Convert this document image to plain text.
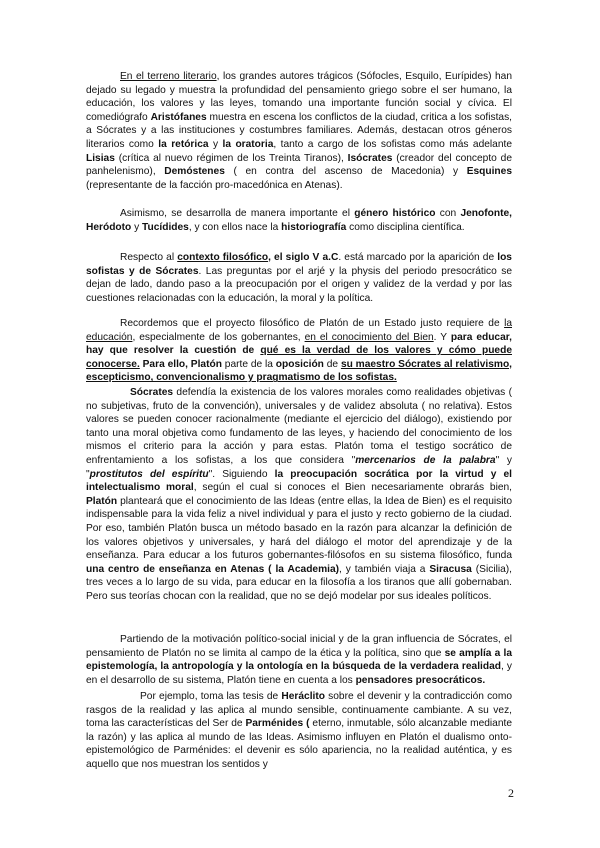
En el terreno literario, los grandes autores trágicos (Sófocles, Esquilo, Eurípides) han dejado su legado y muestra la profundidad del pensamiento griego sobre el ser humano, la educación, los valores y las leyes, tomando una importante función social y cívica. El comediógrafo Aristófanes muestra en escena los conflictos de la ciudad, critica a los sofistas, a Sócrates y a las instituciones y costumbres familiares. Además, destacan otros géneros literarios como la retórica y la oratoria, tanto a cargo de los sofistas como más adelante Lisias (crítica al nuevo régimen de los Treinta Tiranos), Isócrates (creador del concepto de panhelenismo), Demóstenes ( en contra del ascenso de Macedonia) y Esquines (representante de la facción pro-macedónica en Atenas).

Asimismo, se desarrolla de manera importante el género histórico con Jenofonte, Heródoto y Tucídides, y con ellos nace la historiografía como disciplina científica.

Respecto al contexto filosófico, el siglo V a.C. está marcado por la aparición de los sofistas y de Sócrates. Las preguntas por el arjé y la physis del periodo presocrático se dejan de lado, dando paso a la preocupación por el origen y validez de la verdad y por las cuestiones relacionadas con la educación, la moral y la política.

Recordemos que el proyecto filosófico de Platón de un Estado justo requiere de la educación, especialmente de los gobernantes, en el conocimiento del Bien. Y para educar, hay que resolver la cuestión de qué es la verdad de los valores y cómo puede conocerse. Para ello, Platón parte de la oposición de su maestro Sócrates al relativismo, escepticismo, convencionalismo y pragmatismo de los sofistas.

Sócrates defendía la existencia de los valores morales como realidades objetivas ( no subjetivas, fruto de la convención), universales y de validez absoluta ( no relativa). Estos valores se pueden conocer racionalmente (mediante el ejercicio del diálogo), existiendo por tanto una moral objetiva como fundamento de las leyes, y haciendo del conocimiento de los mismos el criterio para la acción y para estas. Platón toma el testigo socrático de enfrentamiento a los sofistas, a los que considera "mercenarios de la palabra" y "prostitutos del espíritu". Siguiendo la preocupación socrática por la virtud y el intelectualismo moral, según el cual si conoces el Bien necesariamente obrarás bien, Platón planteará que el conocimiento de las Ideas (entre ellas, la Idea de Bien) es el requisito indispensable para la vida feliz a nivel individual y para el justo y recto gobierno de la ciudad. Por eso, también Platón busca un método basado en la razón para alcanzar la definición de los valores objetivos y universales, y hará del diálogo el motor del aprendizaje y de la enseñanza. Para educar a los futuros gobernantes-filósofos en su sistema filosófico, funda una centro de enseñanza en Atenas ( la Academia), y también viaja a Siracusa (Sicilia), tres veces a lo largo de su vida, para educar en la filosofía a los tiranos que allí gobernaban. Pero sus teorías chocan con la realidad, que no se dejó modelar por sus ideales políticos.

Partiendo de la motivación político-social inicial y de la gran influencia de Sócrates, el pensamiento de Platón no se limita al campo de la ética y la política, sino que se amplía a la epistemología, la antropología y la ontología en la búsqueda de la verdadera realidad, y en el desarrollo de su sistema, Platón tiene en cuenta a los pensadores presocráticos.

Por ejemplo, toma las tesis de Heráclito sobre el devenir y la contradicción como rasgos de la realidad y las aplica al mundo sensible, continuamente cambiante. A su vez, toma las características del Ser de Parménides ( eterno, inmutable, sólo alcanzable mediante la razón) y las aplica al mundo de las Ideas. Asimismo influyen en Platón el dualismo onto-epistemológico de Parménides: el devenir es sólo apariencia, no la realidad auténtica, y es aquello que nos muestran los sentidos y

2
